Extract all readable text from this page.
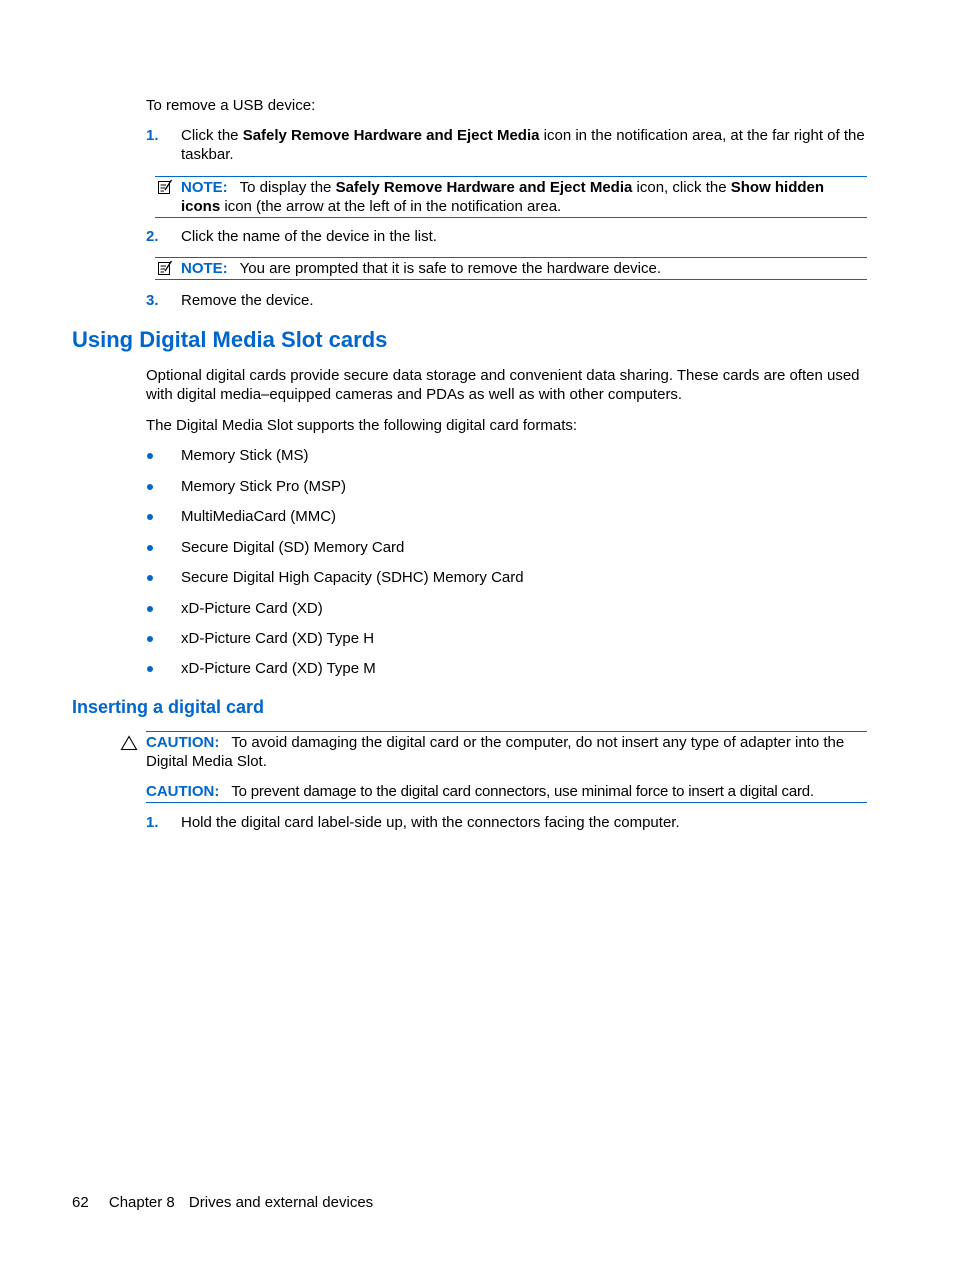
To remove a USB device:
1. Click the Safely Remove Hardware and Eject Media icon in the notification area, at the far right of the taskbar.
NOTE: To display the Safely Remove Hardware and Eject Media icon, click the Show hidden icons icon (the arrow at the left of in the notification area.
2. Click the name of the device in the list.
NOTE: You are prompted that it is safe to remove the hardware device.
3. Remove the device.
Using Digital Media Slot cards
Optional digital cards provide secure data storage and convenient data sharing. These cards are often used with digital media–equipped cameras and PDAs as well as with other computers.
The Digital Media Slot supports the following digital card formats:
Memory Stick (MS)
Memory Stick Pro (MSP)
MultiMediaCard (MMC)
Secure Digital (SD) Memory Card
Secure Digital High Capacity (SDHC) Memory Card
xD-Picture Card (XD)
xD-Picture Card (XD) Type H
xD-Picture Card (XD) Type M
Inserting a digital card
CAUTION: To avoid damaging the digital card or the computer, do not insert any type of adapter into the Digital Media Slot.
CAUTION: To prevent damage to the digital card connectors, use minimal force to insert a digital card.
1. Hold the digital card label-side up, with the connectors facing the computer.
62 Chapter 8 Drives and external devices
